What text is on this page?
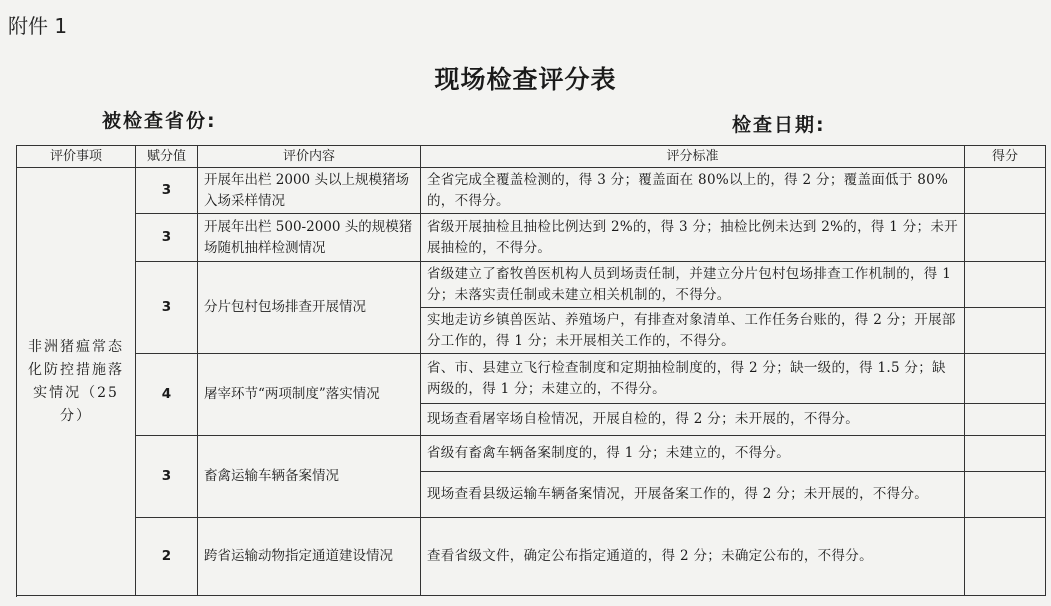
附件 1
现场检查评分表
被检查省份:	检查日期:
评价事项	赋分值	评价内容	评分标准	得分
非洲猪瘟常态化防控措施落实情况（25分）	3	开展年出栏 2000 头以上规模猪场入场采样情况	全省完成全覆盖检测的，得 3 分；覆盖面在 80%以上的，得 2 分；覆盖面低于 80%的，不得分。	
	3	开展年出栏 500-2000 头的规模猪场随机抽样检测情况	省级开展抽检且抽检比例达到 2%的，得 3 分；抽检比例未达到 2%的，得 1 分；未开展抽检的，不得分。	
	3	分片包村包场排查开展情况	省级建立了畜牧兽医机构人员到场责任制，并建立分片包村包场排查工作机制的，得 1 分；未落实责任制或未建立相关机制的，不得分。	
			实地走访乡镇兽医站、养殖场户，有排查对象清单、工作任务台账的，得 2 分；开展部分工作的，得 1 分；未开展相关工作的，不得分。	
	4	屠宰环节“两项制度”落实情况	省、市、县建立飞行检查制度和定期抽检制度的，得 2 分；缺一级的，得 1.5 分；缺两级的，得 1 分；未建立的，不得分。	
			现场查看屠宰场自检情况，开展自检的，得 2 分；未开展的，不得分。	
	3	畜禽运输车辆备案情况	省级有畜禽车辆备案制度的，得 1 分；未建立的，不得分。	
			现场查看县级运输车辆备案情况，开展备案工作的，得 2 分；未开展的，不得分。	
	2	跨省运输动物指定通道建设情况	查看省级文件，确定公布指定通道的，得 2 分；未确定公布的，不得分。	
